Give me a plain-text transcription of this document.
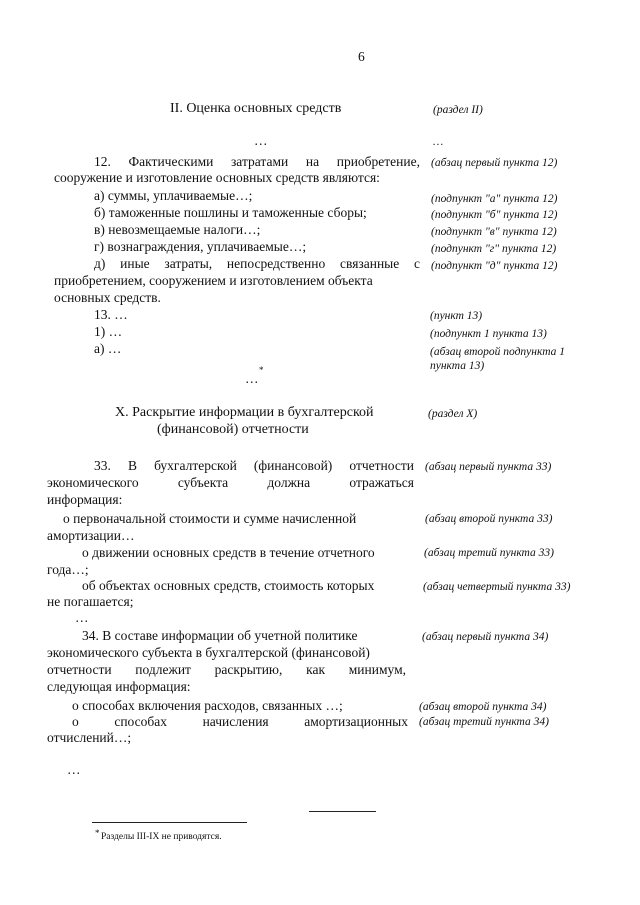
6
II. Оценка основных средств	(раздел II)
…	…
12. Фактическими затратами на приобретение, (абзац первый пункта 12)
сооружение и изготовление основных средств являются:
а) суммы, уплачиваемые…;	(подпункт "а" пункта 12)
б) таможенные пошлины и таможенные сборы;	(подпункт "б" пункта 12)
в) невозмещаемые налоги…;	(подпункт "в" пункта 12)
г) вознаграждения, уплачиваемые…;	(подпункт "г" пункта 12)
д) иные затраты, непосредственно связанные с (подпункт "д" пункта 12)
приобретением, сооружением и изготовлением объекта
основных средств.
13. …	(пункт 13)
1) …	(подпункт 1 пункта 13)
а) …	(абзац второй подпункта 1
пункта 13)
*
…
X. Раскрытие информации в бухгалтерской	(раздел X)
(финансовой) отчетности
33. В бухгалтерской (финансовой) отчетности (абзац первый пункта 33)
экономического субъекта должна отражаться
информация:
о первоначальной стоимости и сумме начисленной	(абзац второй пункта 33)
амортизации…
о движении основных средств в течение отчетного	(абзац третий пункта 33)
года…;
об объектах основных средств, стоимость которых	(абзац четвертый пункта 33)
не погашается;
…
34. В составе информации об учетной политике	(абзац первый пункта 34)
экономического субъекта в бухгалтерской (финансовой)
отчетности подлежит раскрытию, как минимум,
следующая информация:
о способах включения расходов, связанных …;	(абзац второй пункта 34)
о способах начисления амортизационных (абзац третий пункта 34)
отчислений…;
…
* Разделы III-IX не приводятся.
